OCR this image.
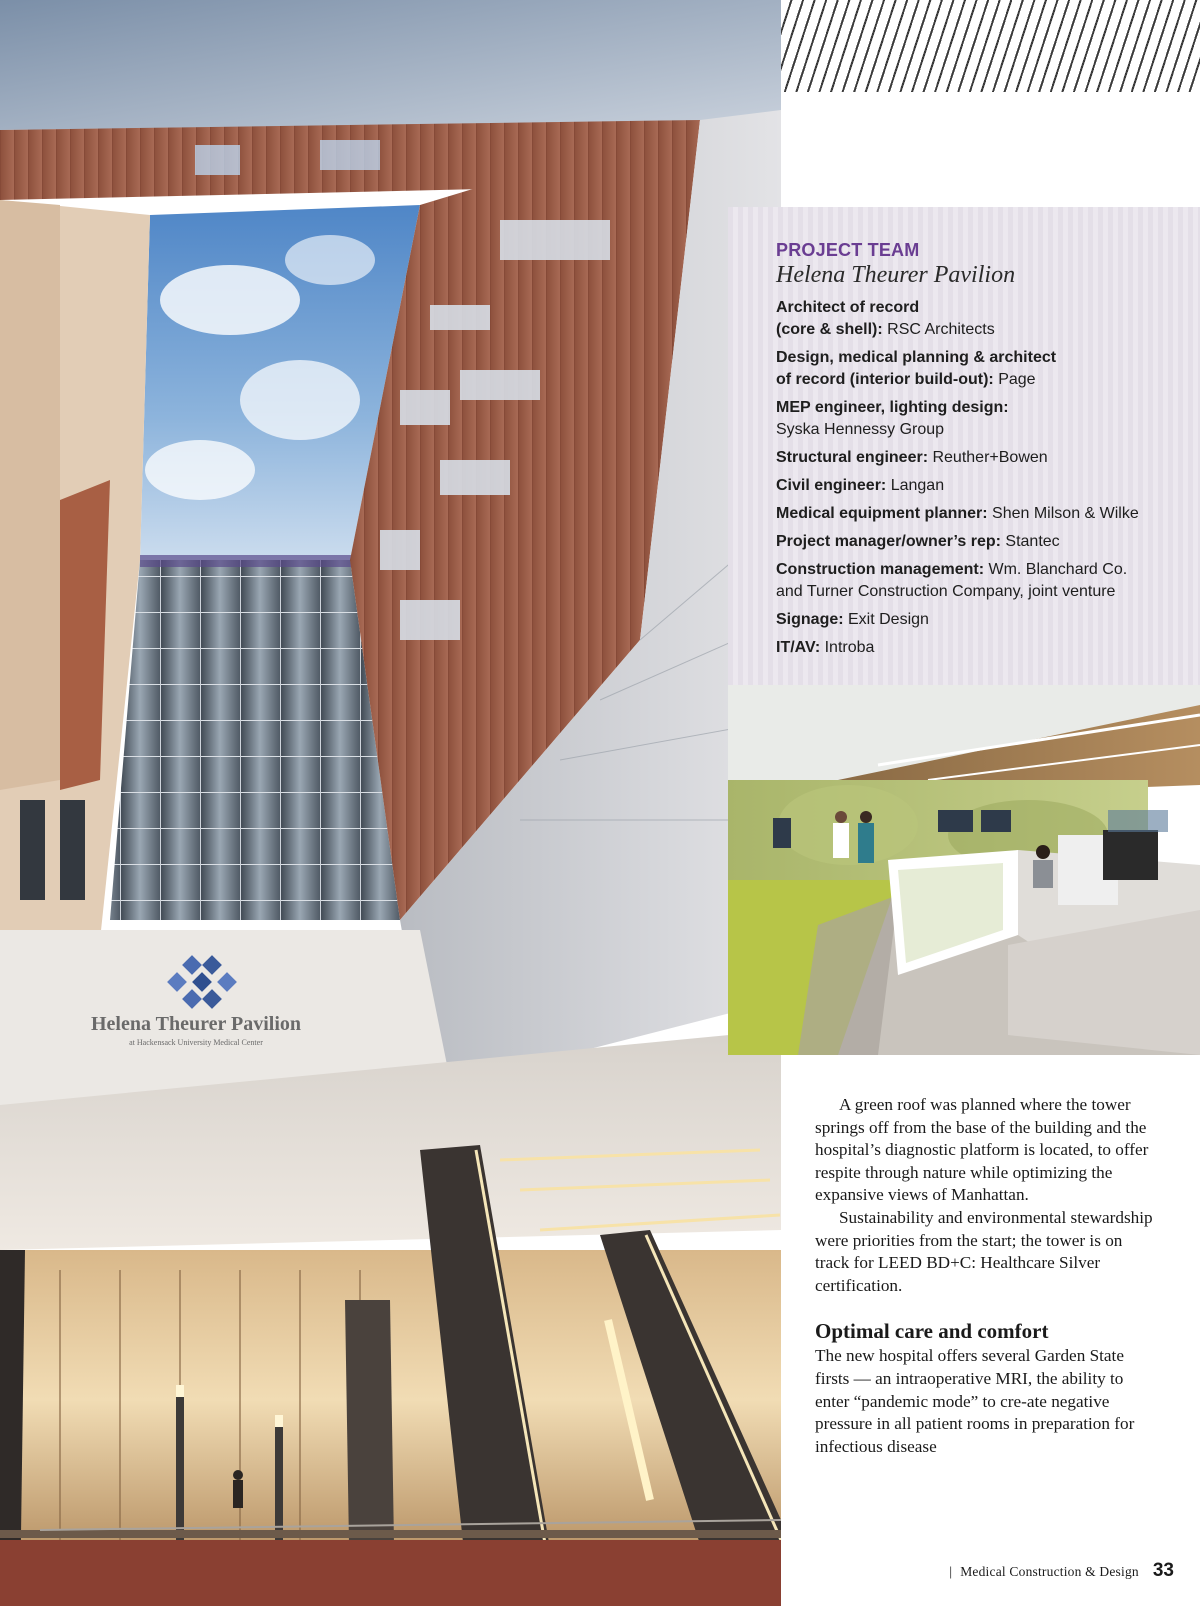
Helena Theurer Pavilion
at Hackensack University Medical Center

PROJECT TEAM

Helena Theurer Pavilion

Architect of record
(core & shell): RSC Architects

Design, medical planning & architect
of record (interior build-out): Page

MEP engineer, lighting design:
Syska Hennessy Group

Structural engineer: Reuther+Bowen

Civil engineer: Langan

Medical equipment planner: Shen Milson & Wilke

Project manager/owner’s rep: Stantec

Construction management: Wm. Blanchard Co.
and Turner Construction Company, joint venture

Signage: Exit Design

IT/AV: Introba

A green roof was planned where the tower springs off from the base of the building and the hospital’s diagnostic platform is located, to offer respite through nature while optimizing the expansive views of Manhattan.

Sustainability and environmental stewardship were priorities from the start; the tower is on track for LEED BD+C: Healthcare Silver certification.

Optimal care and comfort

The new hospital offers several Garden State firsts — an intraoperative MRI, the ability to enter “pandemic mode” to cre-ate negative pressure in all patient rooms in preparation for infectious disease

| Medical Construction & Design 33
